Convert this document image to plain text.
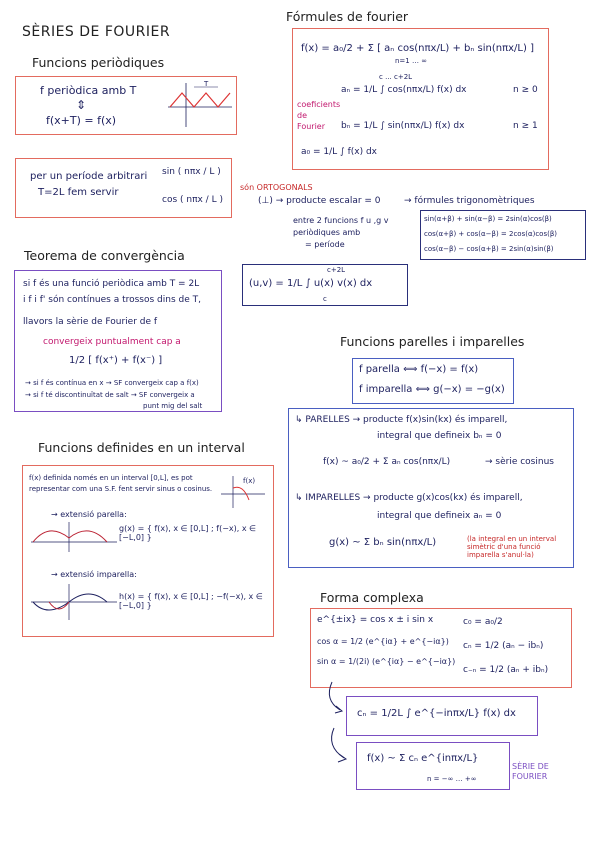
SÈRIES DE FOURIER
Funcions periòdiques
Fórmules de fourier
Teorema de convergència
Funcions parelles i imparelles
Funcions definides en un interval
Forma complexa
f periòdica amb T
⇕
f(x+T) = f(x)
T
f(x) = a₀/2 + Σ [ aₙ cos(nπx/L) + bₙ sin(nπx/L) ]
n=1 … ∞
coeficients de Fourier
aₙ = 1/L ∫ cos(nπx/L) f(x) dx	n ≥ 0
bₙ = 1/L ∫ sin(nπx/L) f(x) dx	n ≥ 1
a₀ = 1/L ∫ f(x) dx
c ... c+2L
per un període arbitrari
T=2L fem servir
sin ( nπx / L )
cos ( nπx / L )
són ORTOGONALS
(⊥) → producte escalar = 0
entre 2 funcions f u ,g v
periòdiques amb
= període
→ fórmules trigonomètriques
sin(α+β) + sin(α−β) = 2sin(α)cos(β)
cos(α+β) + cos(α−β) = 2cos(α)cos(β)
cos(α−β) − cos(α+β) = 2sin(α)sin(β)
(u,v) = 1/L ∫ u(x) v(x) dx
c+2L
c
si f és una funció periòdica amb T = 2L
i f i f' són contínues a trossos dins de T,
llavors la sèrie de Fourier de f
convergeix puntualment cap a
1/2 [ f(x⁺) + f(x⁻) ]
→ si f és contínua en x → SF convergeix cap a f(x)
→ si f té discontinuïtat de salt → SF convergeix a
punt mig del salt
f parella ⟺ f(−x) = f(x)
f imparella ⟺ g(−x) = −g(x)
↳ PARELLES → producte f(x)sin(kx) és imparell,
integral que defineix bₙ = 0
f(x) ~ a₀/2 + Σ aₙ cos(nπx/L)	→ sèrie cosinus
↳ IMPARELLES → producte g(x)cos(kx) és imparell,
integral que defineix aₙ = 0
g(x) ~ Σ bₙ sin(nπx/L)	(la integral en un interval simètric d'una funció imparella s'anul·la)
f(x) definida només en un interval [0,L], es pot
representar com una S.F. fent servir sinus o cosinus.
f(x)
→ extensió parella:
g(x) = { f(x), x ∈ [0,L] ; f(−x), x ∈ [−L,0] }
→ extensió imparella:
h(x) = { f(x), x ∈ [0,L] ; −f(−x), x ∈ [−L,0] }
e^{±ix} = cos x ± i sin x
cos α = 1/2 (e^{iα} + e^{−iα})
sin α = 1/(2i) (e^{iα} − e^{−iα})
c₀ = a₀/2
cₙ = 1/2 (aₙ − ibₙ)
c₋ₙ = 1/2 (aₙ + ibₙ)
cₙ = 1/2L ∫ e^{−inπx/L} f(x) dx
f(x) ~ Σ cₙ e^{inπx/L}
n = −∞ … +∞
SÈRIE DE FOURIER
